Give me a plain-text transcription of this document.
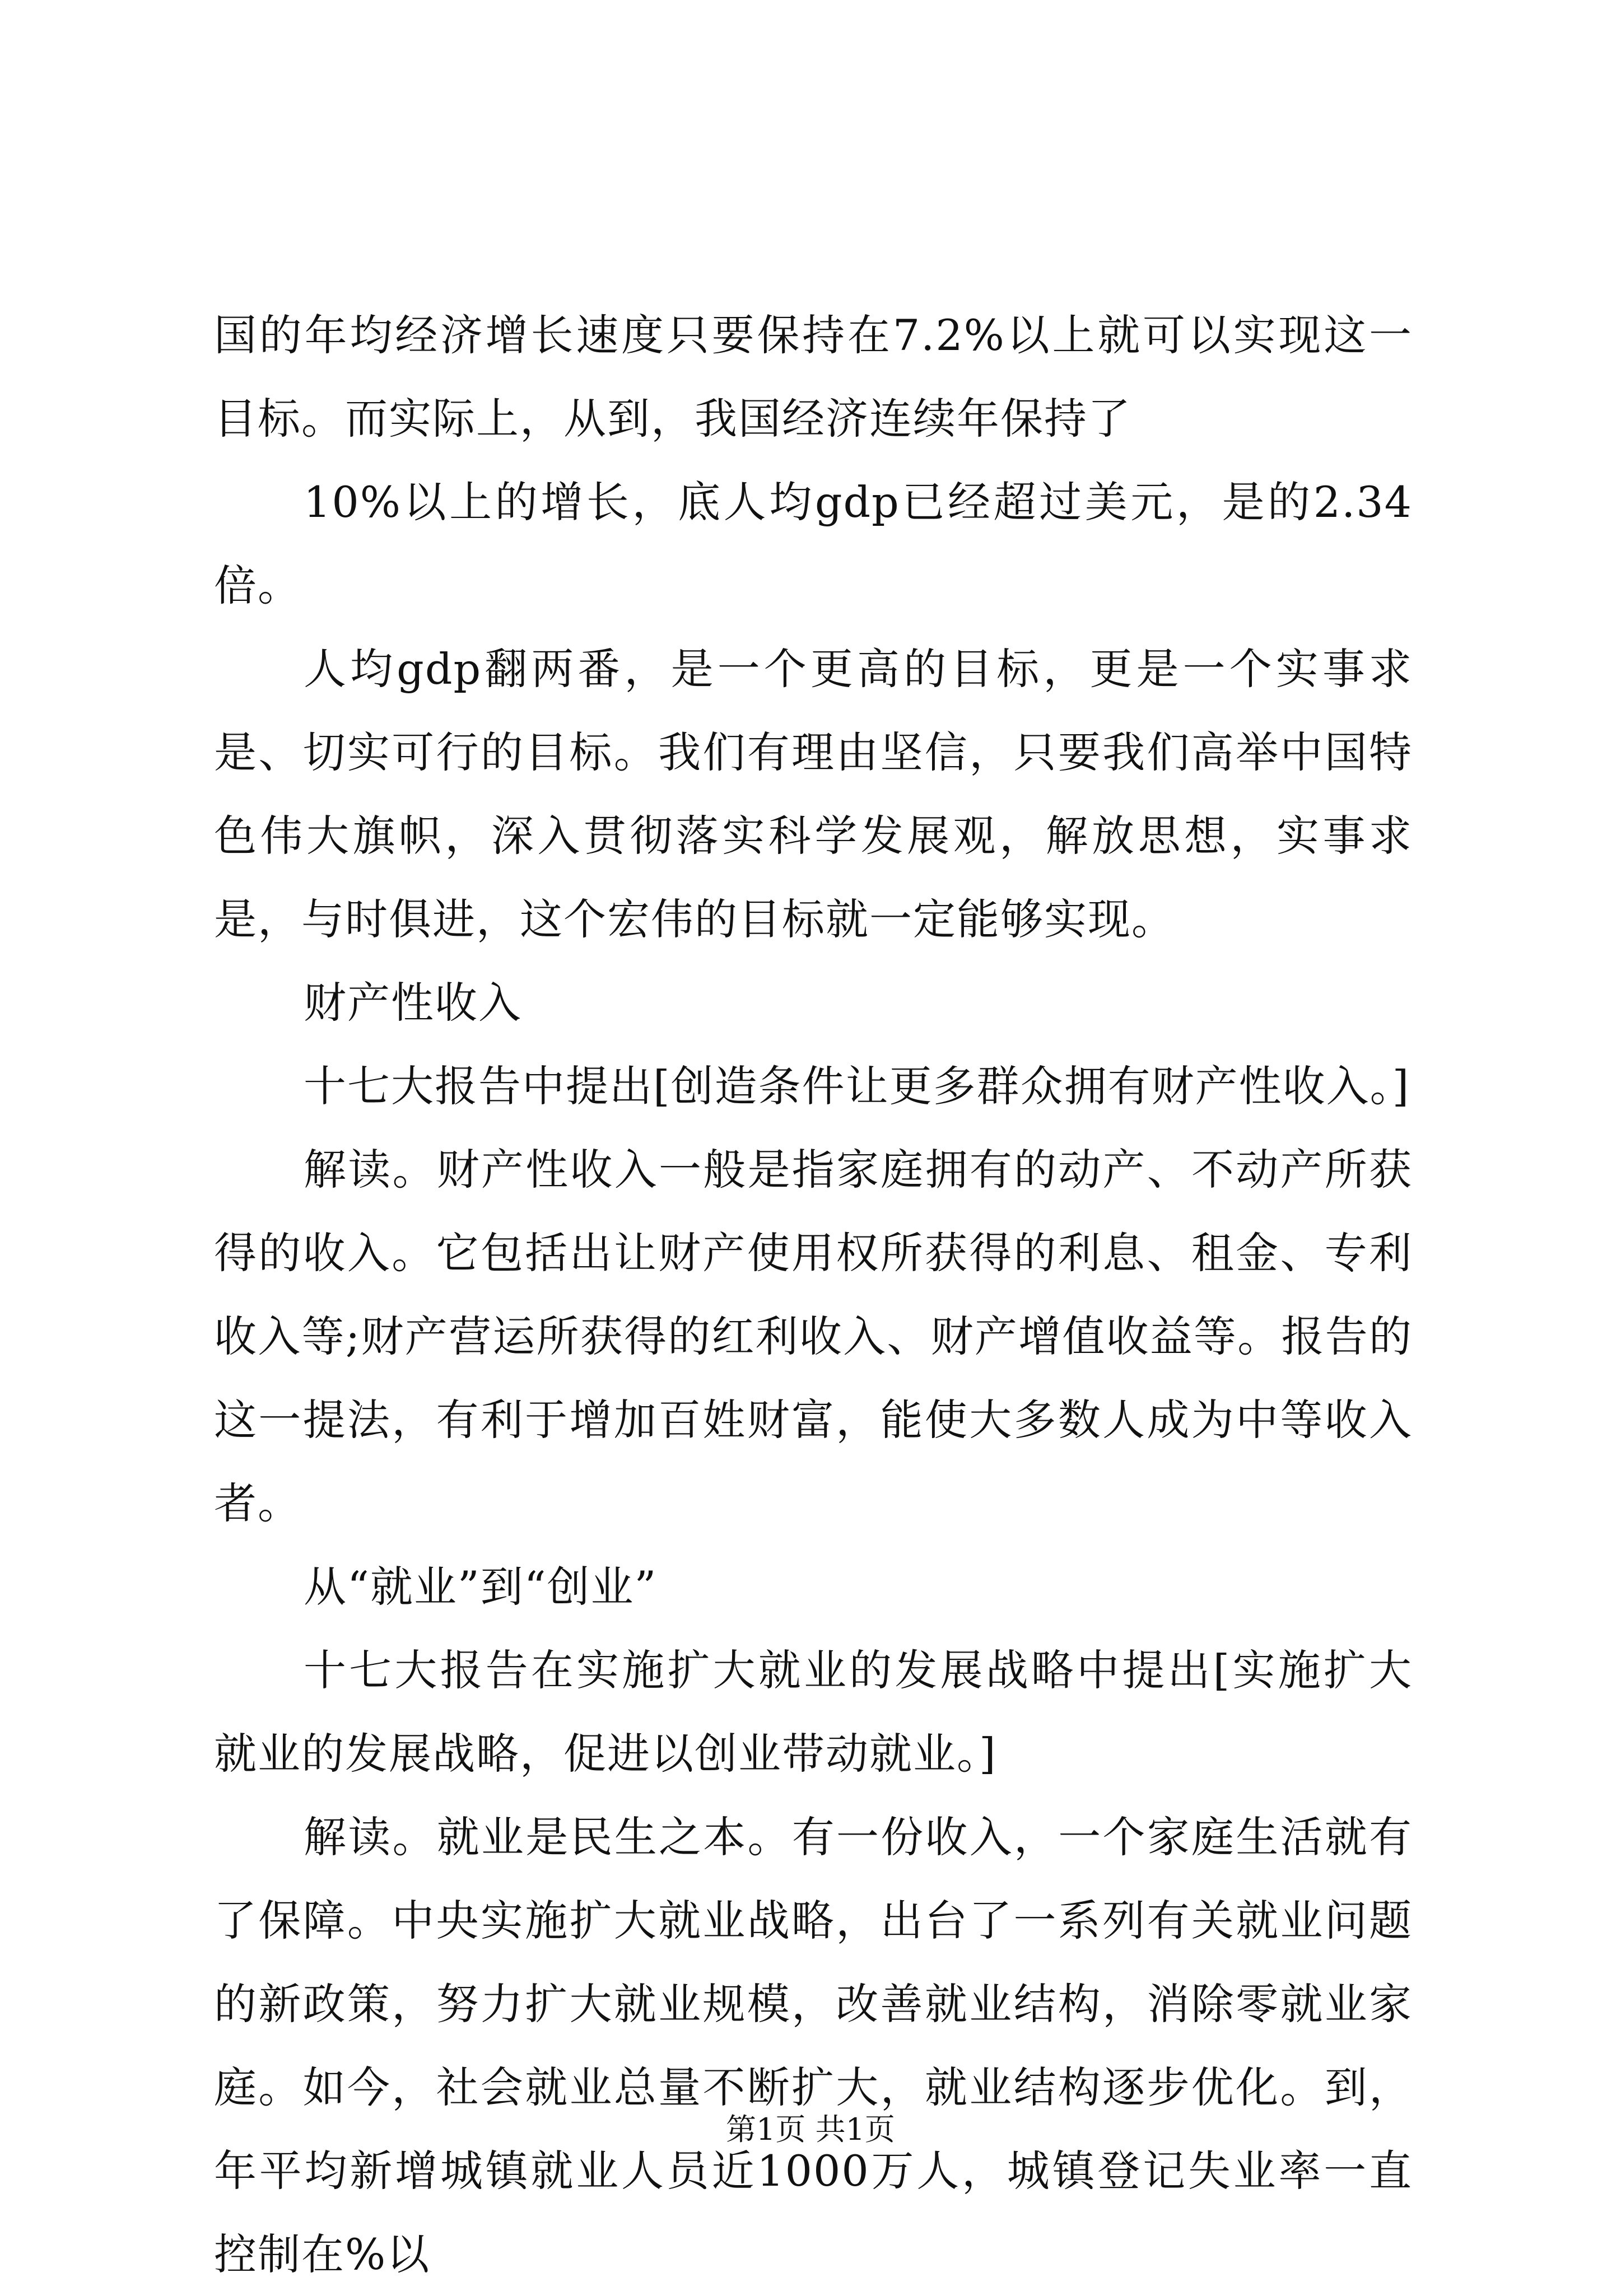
国的年均经济增长速度只要保持在7.2%以上就可以实现这一目标。而实际上，从到，我国经济连续年保持了

10%以上的增长，底人均gdp已经超过美元，是的2.34倍。

人均gdp翻两番，是一个更高的目标，更是一个实事求是、切实可行的目标。我们有理由坚信，只要我们高举中国特色伟大旗帜，深入贯彻落实科学发展观，解放思想，实事求是，与时俱进，这个宏伟的目标就一定能够实现。

财产性收入

十七大报告中提出[创造条件让更多群众拥有财产性收入。]

解读。财产性收入一般是指家庭拥有的动产、不动产所获得的收入。它包括出让财产使用权所获得的利息、租金、专利收入等;财产营运所获得的红利收入、财产增值收益等。报告的这一提法，有利于增加百姓财富，能使大多数人成为中等收入者。

从“就业”到“创业”

十七大报告在实施扩大就业的发展战略中提出[实施扩大就业的发展战略，促进以创业带动就业。]

解读。就业是民生之本。有一份收入，一个家庭生活就有了保障。中央实施扩大就业战略，出台了一系列有关就业问题的新政策，努力扩大就业规模，改善就业结构，消除零就业家庭。如今，社会就业总量不断扩大，就业结构逐步优化。到，年平均新增城镇就业人员近1000万人，城镇登记失业率一直控制在%以

第1页 共1页
